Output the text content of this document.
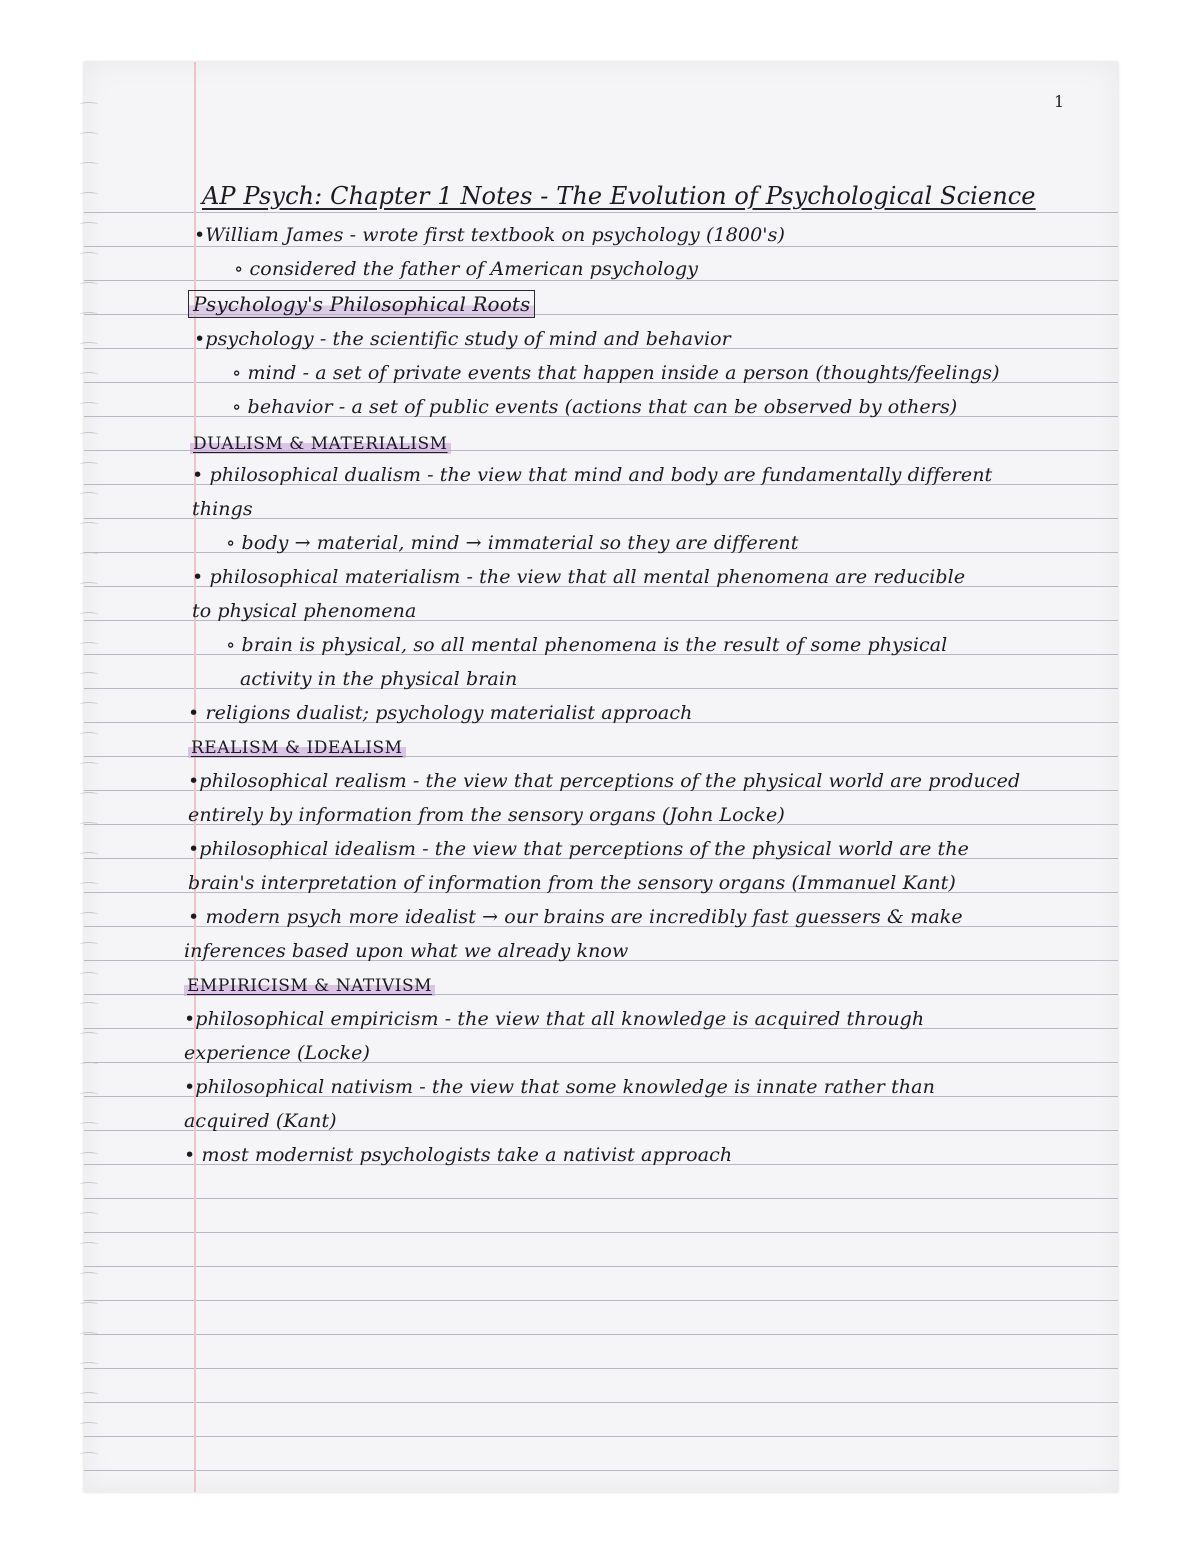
1
AP Psych: Chapter 1 Notes - The Evolution of Psychological Science
•William James - wrote first textbook on psychology (1800's)
∘ considered the father of American psychology
Psychology's Philosophical Roots
•psychology - the scientific study of mind and behavior
∘ mind - a set of private events that happen inside a person (thoughts/feelings)
∘ behavior - a set of public events (actions that can be observed by others)
DUALISM & MATERIALISM
• philosophical dualism - the view that mind and body are fundamentally different
things
∘ body → material, mind → immaterial so they are different
• philosophical materialism - the view that all mental phenomena are reducible
to physical phenomena
∘ brain is physical, so all mental phenomena is the result of some physical
activity in the physical brain
• religions dualist; psychology materialist approach
REALISM & IDEALISM
•philosophical realism - the view that perceptions of the physical world are produced
entirely by information from the sensory organs (John Locke)
•philosophical idealism - the view that perceptions of the physical world are the
brain's interpretation of information from the sensory organs (Immanuel Kant)
• modern psych more idealist → our brains are incredibly fast guessers & make
inferences based upon what we already know
EMPIRICISM & NATIVISM
•philosophical empiricism - the view that all knowledge is acquired through
experience (Locke)
•philosophical nativism - the view that some knowledge is innate rather than
acquired (Kant)
• most modernist psychologists take a nativist approach
